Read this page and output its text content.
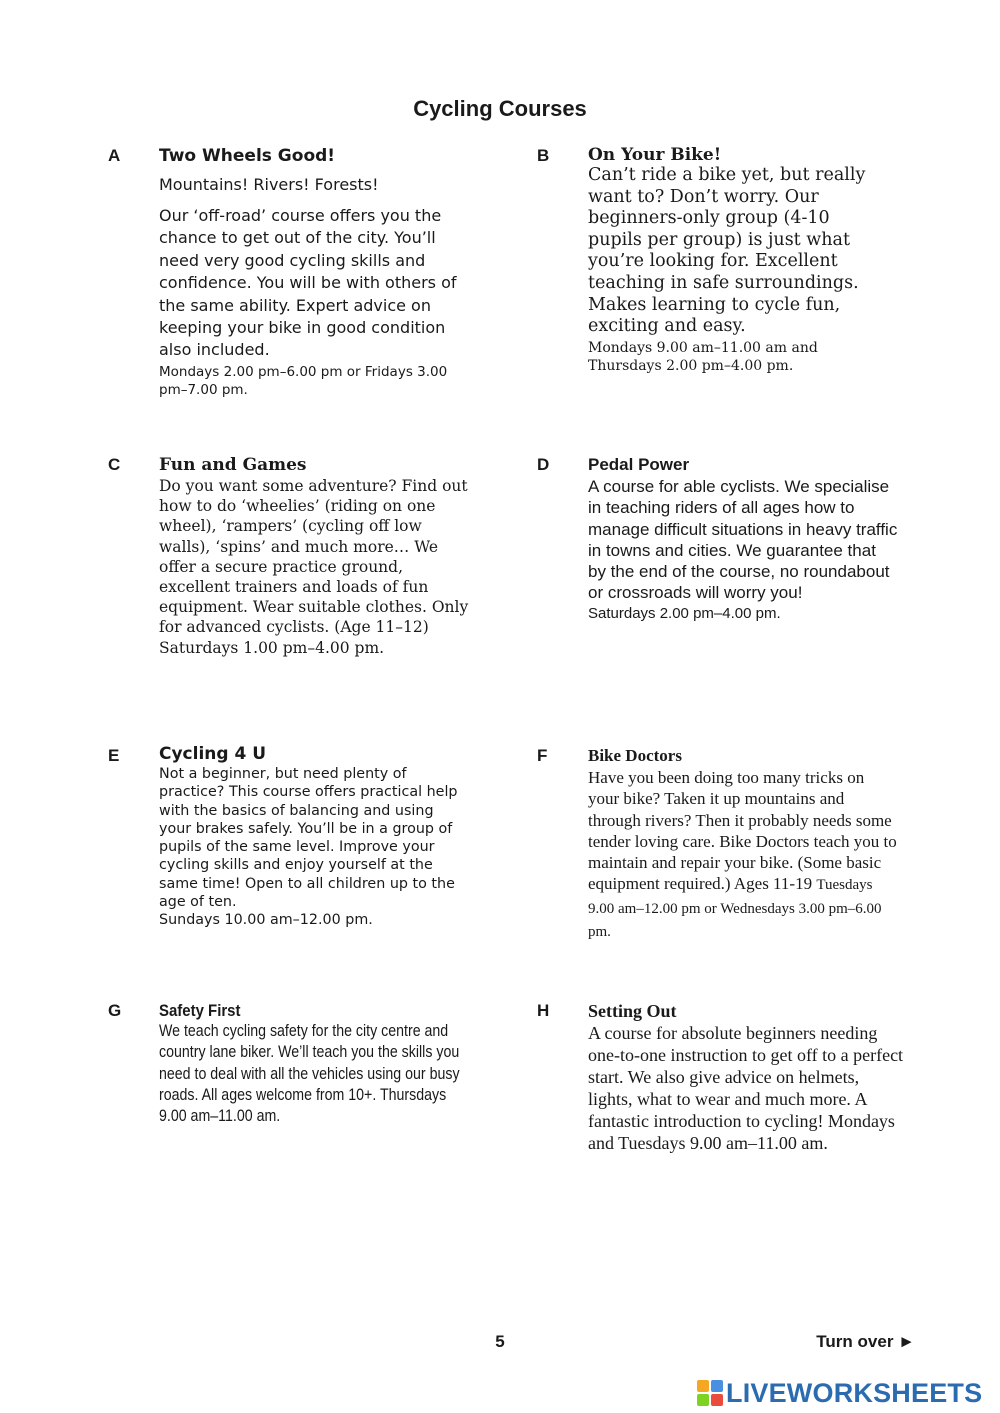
Cycling Courses
A Two Wheels Good!

Mountains! Rivers! Forests!

Our ‘off-road’ course offers you the chance to get out of the city. You’ll need very good cycling skills and confidence. You will be with others of the same ability. Expert advice on keeping your bike in good condition also included.

Mondays 2.00 pm–6.00 pm or Fridays 3.00 pm–7.00 pm.

B On Your Bike!

Can’t ride a bike yet, but really want to? Don’t worry. Our beginners-only group (4-10 pupils per group) is just what you’re looking for. Excellent teaching in safe surroundings. Makes learning to cycle fun, exciting and easy.

Mondays 9.00 am–11.00 am and Thursdays 2.00 pm–4.00 pm.

C Fun and Games

Do you want some adventure? Find out how to do ‘wheelies’ (riding on one wheel), ‘rampers’ (cycling off low walls), ‘spins’ and much more… We offer a secure practice ground, excellent trainers and loads of fun equipment. Wear suitable clothes. Only for advanced cyclists. (Age 11–12)

Saturdays 1.00 pm–4.00 pm.

D Pedal Power

A course for able cyclists. We specialise in teaching riders of all ages how to manage difficult situations in heavy traffic in towns and cities. We guarantee that by the end of the course, no roundabout or crossroads will worry you!

Saturdays 2.00 pm–4.00 pm.

E Cycling 4 U

Not a beginner, but need plenty of practice? This course offers practical help with the basics of balancing and using your brakes safely. You’ll be in a group of pupils of the same level. Improve your cycling skills and enjoy yourself at the same time! Open to all children up to the age of ten.

Sundays 10.00 am–12.00 pm.

F Bike Doctors

Have you been doing too many tricks on your bike? Taken it up mountains and through rivers? Then it probably needs some tender loving care. Bike Doctors teach you to maintain and repair your bike. (Some basic equipment required.) Ages 11-19 Tuesdays 9.00 am–12.00 pm or Wednesdays 3.00 pm–6.00 pm.

G Safety First

We teach cycling safety for the city centre and country lane biker. We’ll teach you the skills you need to deal with all the vehicles using our busy roads. All ages welcome from 10+. Thursdays 9.00 am–11.00 am.

H Setting Out

A course for absolute beginners needing one-to-one instruction to get off to a perfect start. We also give advice on helmets, lights, what to wear and much more. A fantastic introduction to cycling! Mondays and Tuesdays 9.00 am–11.00 am.

5	Turn over ►
LIVEWORKSHEETS
